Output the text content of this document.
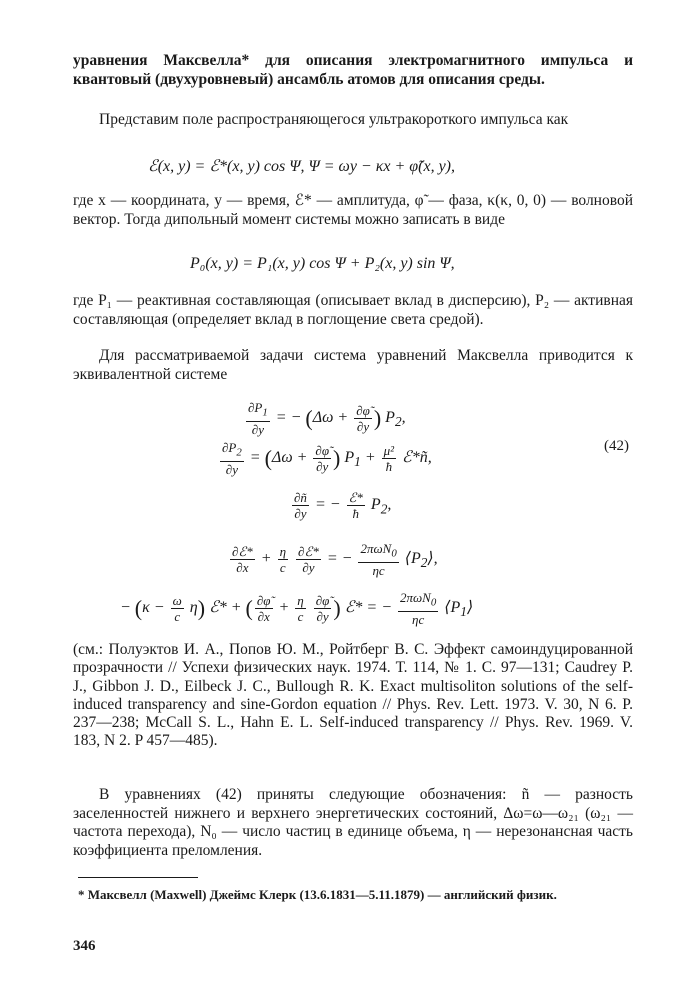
уравнения Максвелла* для описания электромагнитного импульса и квантовый (двухуровневый) ансамбль атомов для описания среды.

Представим поле распространяющегося ультракороткого импульса как

ℰ(x, y) = ℰ*(x, y) cos Ψ, Ψ = ωy − κx + φ̃(x, y),

где x — координата, y — время, ℰ* — амплитуда, φ̃ — фаза, κ(κ, 0, 0) — волновой вектор. Тогда дипольный момент системы можно записать в виде

P₀(x, y) = P₁(x, y) cos Ψ + P₂(x, y) sin Ψ,

где P₁ — реактивная составляющая (описывает вклад в дисперсию), P₂ — активная составляющая (определяет вклад в поглощение света средой).

Для рассматриваемой задачи система уравнений Максвелла приводится к эквивалентной системе

$\frac{\partial P_1}{\partial y}$ = − ($\Delta\omega + \frac{\partial\varphĩ}{\partial y}$ ) $P_2$,
$\frac{\partial P_2}{\partial y} = (\Delta\omega + \frac{\partial\varphĩ}{\partial y}$ ) $P_1 + \frac{\text{μ²}}{ħ}$ ℰ*ñ,
(42)
$\frac{\partial ñ}{\partial y}$ = − $\frac{\text{ℰ*}}{ħ} P_2$,
$\frac{\text{∂ℰ*}}{\partial x} + \frac{\eta}{c}$
$\frac{\text{∂ℰ*}}{\partial y}$ = − $\frac{2\pi\omega N_0}{\eta c}$ $⟨P_2⟩$,
− $(\kappa - \frac{\omega}{c} \eta)$ ℰ* + ( $\frac{\partial\varphĩ}{\partial x} + \frac{\eta}{c}$
$\frac{\partial\varphĩ}{\partial y}$ ) ℰ* = − $\frac{2\pi\omega N_0}{\eta c}$ $⟨P_1⟩$

(см.: Полуэктов И. А., Попов Ю. М., Ройтберг В. С. Эффект самоиндуцированной прозрачности // Успехи физических наук. 1974. Т. 114, № 1. С. 97—131; Caudrey P. J., Gibbon J. D., Eilbeck J. C., Bullough R. K. Exact multisoliton solutions of the self-induced transparency and sine-Gordon equation // Phys. Rev. Lett. 1973. V. 30, N 6. P. 237—238; McCall S. L., Hahn E. L. Self-induced transparency // Phys. Rev. 1969. V. 183, N 2. P 457—485).

В уравнениях (42) приняты следующие обозначения: ñ — разность заселенностей нижнего и верхнего энергетических состояний, Δω=ω—ω₂₁ (ω₂₁ — частота перехода), N₀ — число частиц в единице объема, η — нерезонансная часть коэффициента преломления.

* Максвелл (Maxwell) Джеймс Клерк (13.6.1831—5.11.1879) — английский физик.

346
